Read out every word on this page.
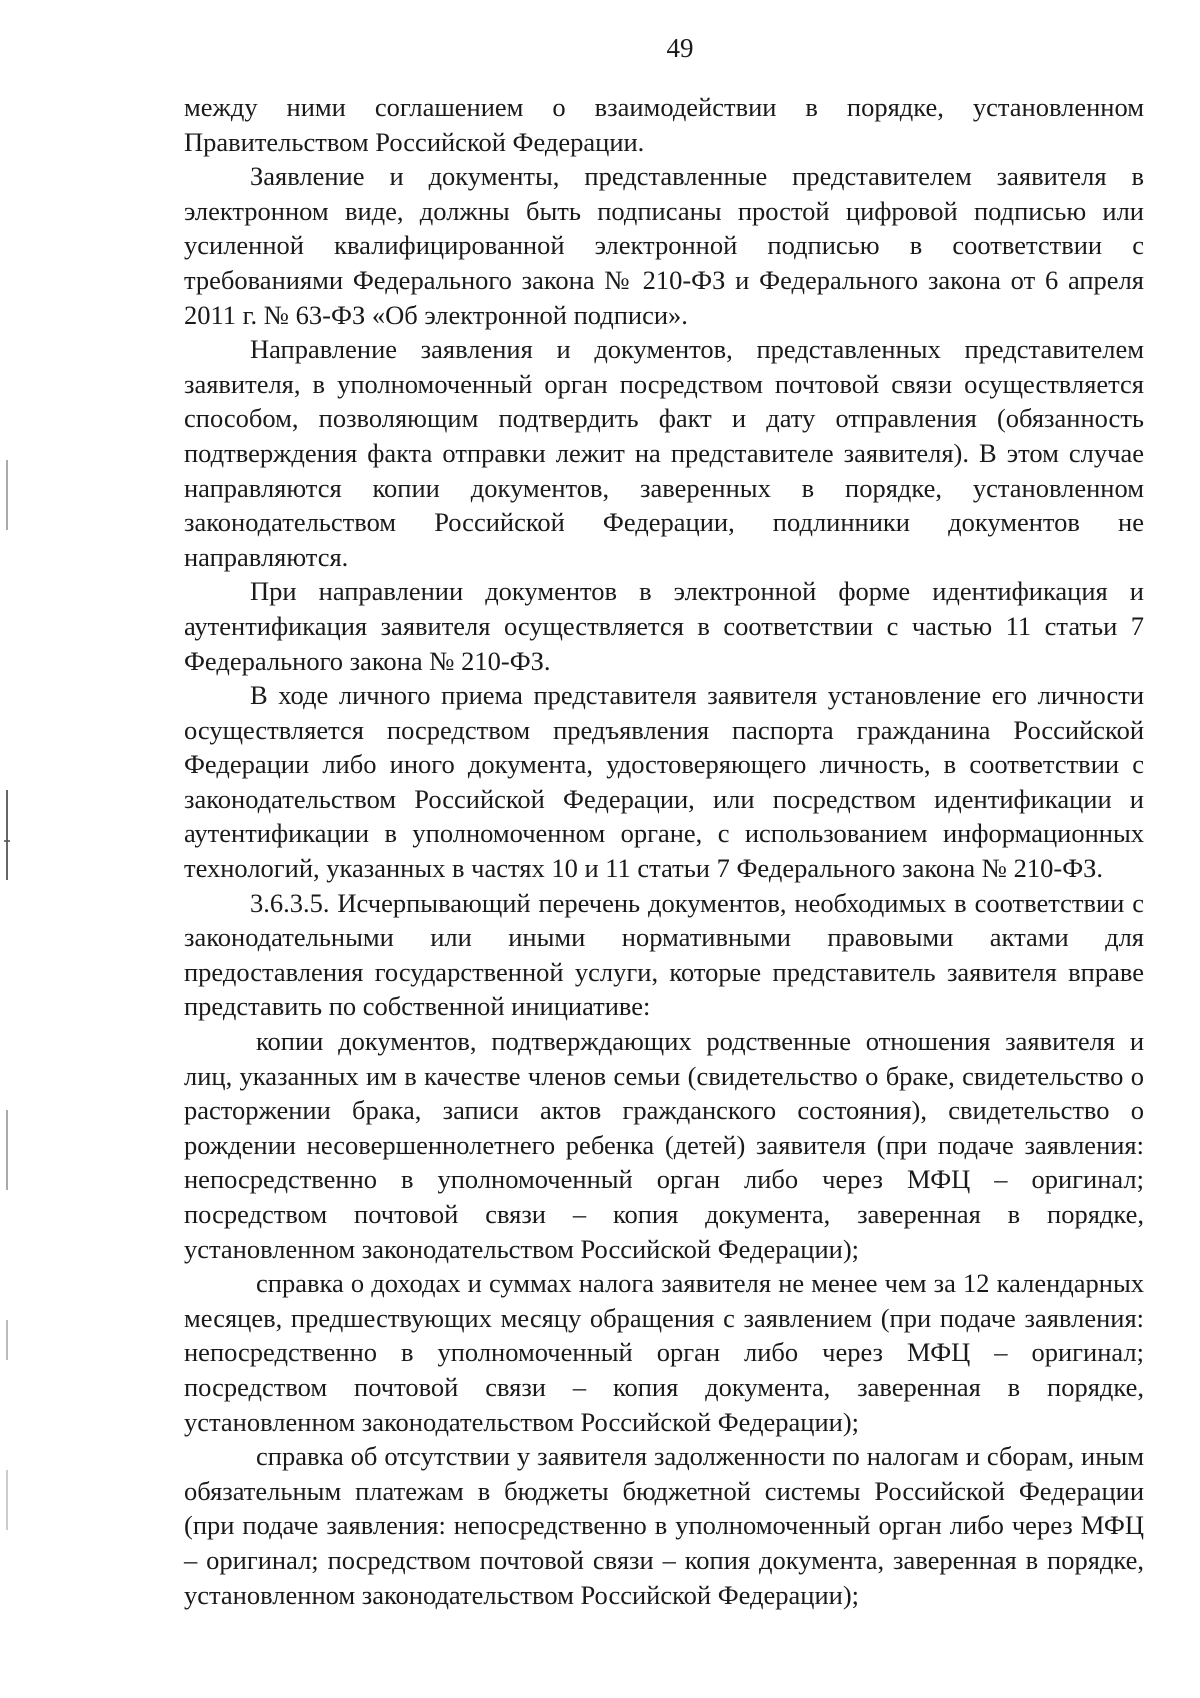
49

между ними соглашением о взаимодействии в порядке, установленном Правительством Российской Федерации.

Заявление и документы, представленные представителем заявителя в электронном виде, должны быть подписаны простой цифровой подписью или усиленной квалифицированной электронной подписью в соответствии с требованиями Федерального закона № 210-ФЗ и Федерального закона от 6 апреля 2011 г. № 63-ФЗ «Об электронной подписи».

Направление заявления и документов, представленных представителем заявителя, в уполномоченный орган посредством почтовой связи осуществляется способом, позволяющим подтвердить факт и дату отправления (обязанность подтверждения факта отправки лежит на представителе заявителя). В этом случае направляются копии документов, заверенных в порядке, установленном законодательством Российской Федерации, подлинники документов не направляются.

При направлении документов в электронной форме идентификация и аутентификация заявителя осуществляется в соответствии с частью 11 статьи 7 Федерального закона № 210-ФЗ.

В ходе личного приема представителя заявителя установление его личности осуществляется посредством предъявления паспорта гражданина Российской Федерации либо иного документа, удостоверяющего личность, в соответствии с законодательством Российской Федерации, или посредством идентификации и аутентификации в уполномоченном органе, с использованием информационных технологий, указанных в частях 10 и 11 статьи 7 Федерального закона № 210-ФЗ.

3.6.3.5. Исчерпывающий перечень документов, необходимых в соответствии с законодательными или иными нормативными правовыми актами для предоставления государственной услуги, которые представитель заявителя вправе представить по собственной инициативе:

копии документов, подтверждающих родственные отношения заявителя и лиц, указанных им в качестве членов семьи (свидетельство о браке, свидетельство о расторжении брака, записи актов гражданского состояния), свидетельство о рождении несовершеннолетнего ребенка (детей) заявителя (при подаче заявления: непосредственно в уполномоченный орган либо через МФЦ – оригинал; посредством почтовой связи – копия документа, заверенная в порядке, установленном законодательством Российской Федерации);

справка о доходах и суммах налога заявителя не менее чем за 12 календарных месяцев, предшествующих месяцу обращения с заявлением (при подаче заявления: непосредственно в уполномоченный орган либо через МФЦ – оригинал; посредством почтовой связи – копия документа, заверенная в порядке, установленном законодательством Российской Федерации);

справка об отсутствии у заявителя задолженности по налогам и сборам, иным обязательным платежам в бюджеты бюджетной системы Российской Федерации (при подаче заявления: непосредственно в уполномоченный орган либо через МФЦ – оригинал; посредством почтовой связи – копия документа, заверенная в порядке, установленном законодательством Российской Федерации);
